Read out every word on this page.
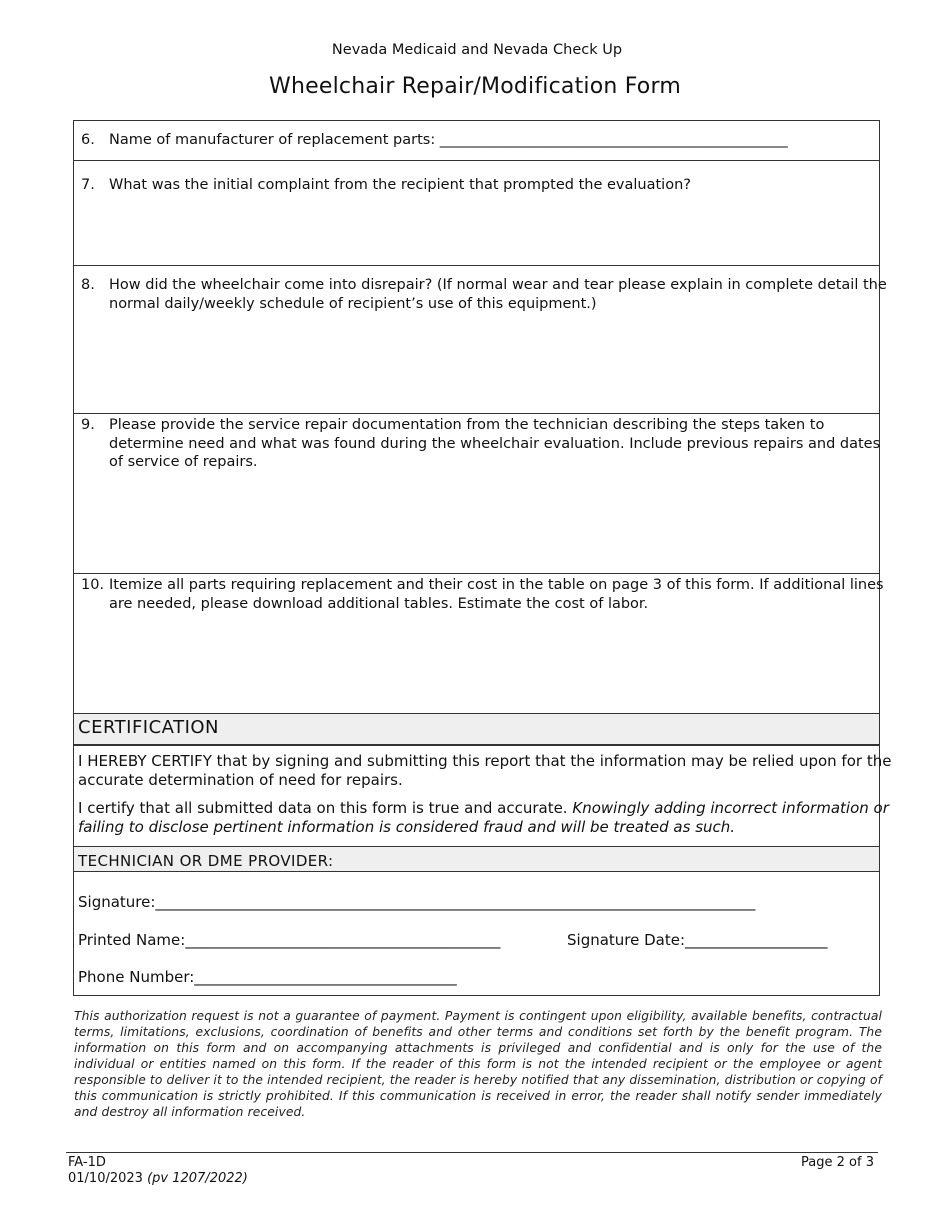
Nevada Medicaid and Nevada Check Up
Wheelchair Repair/Modification Form
6. Name of manufacturer of replacement parts: ________________________________________________
7. What was the initial complaint from the recipient that prompted the evaluation?
8. How did the wheelchair come into disrepair? (If normal wear and tear please explain in complete detail the
normal daily/weekly schedule of recipient’s use of this equipment.)
9. Please provide the service repair documentation from the technician describing the steps taken to
determine need and what was found during the wheelchair evaluation. Include previous repairs and dates
of service of repairs.
10. Itemize all parts requiring replacement and their cost in the table on page 3 of this form. If additional lines
are needed, please download additional tables. Estimate the cost of labor.
CERTIFICATION
I HEREBY CERTIFY that by signing and submitting this report that the information may be relied upon for the
accurate determination of need for repairs.
I certify that all submitted data on this form is true and accurate. Knowingly adding incorrect information or
failing to disclose pertinent information is considered fraud and will be treated as such.
TECHNICIAN OR DME PROVIDER:
Signature:________________________________________________________________________________
Printed Name:__________________________________________	Signature Date:___________________
Phone Number:___________________________________
This authorization request is not a guarantee of payment. Payment is contingent upon eligibility, available benefits, contractual terms, limitations, exclusions, coordination of benefits and other terms and conditions set forth by the benefit program. The information on this form and on accompanying attachments is privileged and confidential and is only for the use of the individual or entities named on this form. If the reader of this form is not the intended recipient or the employee or agent responsible to deliver it to the intended recipient, the reader is hereby notified that any dissemination, distribution or copying of this communication is strictly prohibited. If this communication is received in error, the reader shall notify sender immediately and destroy all information received.
FA-1D
01/10/2023 (pv 1207/2022)
Page 2 of 3
